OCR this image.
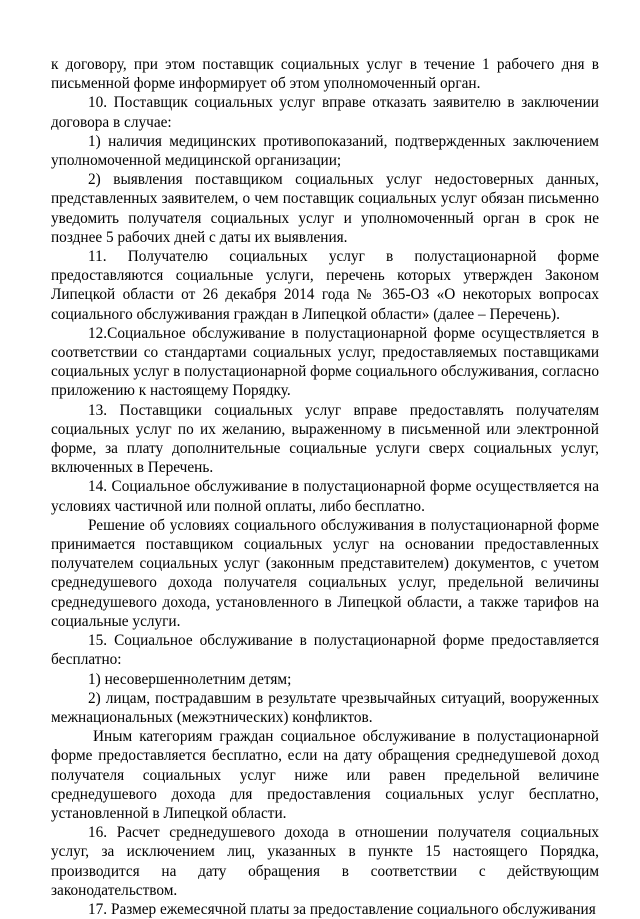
к договору, при этом поставщик социальных услуг в течение 1 рабочего дня в письменной форме информирует об этом уполномоченный орган.

10. Поставщик социальных услуг вправе отказать заявителю в заключении договора в случае:

1) наличия медицинских противопоказаний, подтвержденных заключением уполномоченной медицинской организации;

2) выявления поставщиком социальных услуг недостоверных данных, представленных заявителем, о чем поставщик социальных услуг обязан письменно уведомить получателя социальных услуг и уполномоченный орган в срок не позднее 5 рабочих дней с даты их выявления.

11. Получателю социальных услуг в полустационарной форме предоставляются социальные услуги, перечень которых утвержден Законом Липецкой области от 26 декабря 2014 года № 365-ОЗ «О некоторых вопросах социального обслуживания граждан в Липецкой области» (далее – Перечень).

12.Социальное обслуживание в полустационарной форме осуществляется в соответствии со стандартами социальных услуг, предоставляемых поставщиками социальных услуг в полустационарной форме социального обслуживания, согласно приложению к настоящему Порядку.

13. Поставщики социальных услуг вправе предоставлять получателям социальных услуг по их желанию, выраженному в письменной или электронной форме, за плату дополнительные социальные услуги сверх социальных услуг, включенных в Перечень.

14. Социальное обслуживание в полустационарной форме осуществляется на условиях частичной или полной оплаты, либо бесплатно.

Решение об условиях социального обслуживания в полустационарной форме принимается поставщиком социальных услуг на основании предоставленных получателем социальных услуг (законным представителем) документов, с учетом среднедушевого дохода получателя социальных услуг, предельной величины среднедушевого дохода, установленного в Липецкой области, а также тарифов на социальные услуги.

15. Социальное обслуживание в полустационарной форме предоставляется бесплатно:

1) несовершеннолетним детям;

2) лицам, пострадавшим в результате чрезвычайных ситуаций, вооруженных межнациональных (межэтнических) конфликтов.

Иным категориям граждан социальное обслуживание в полустационарной форме предоставляется бесплатно, если на дату обращения среднедушевой доход получателя социальных услуг ниже или равен предельной величине среднедушевого дохода для предоставления социальных услуг бесплатно, установленной в Липецкой области.

16. Расчет среднедушевого дохода в отношении получателя социальных услуг, за исключением лиц, указанных в пункте 15 настоящего Порядка, производится на дату обращения в соответствии с действующим законодательством.

17. Размер ежемесячной платы за предоставление социального обслуживания
